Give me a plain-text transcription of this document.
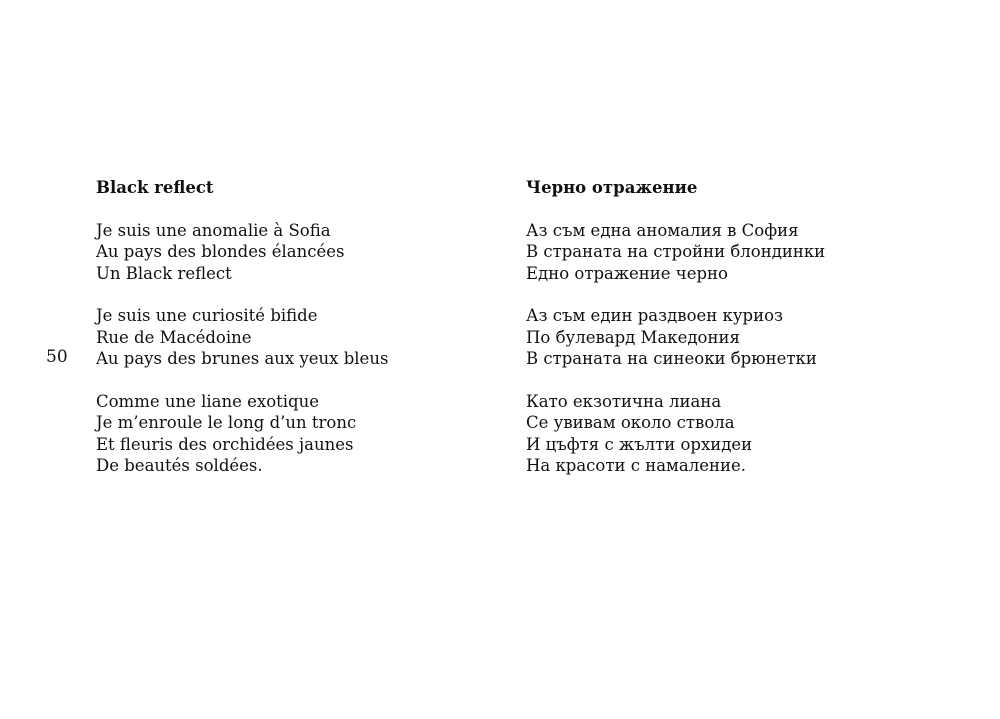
50
Black reflect
Je suis une anomalie à Sofia
Au pays des blondes élancées
Un Black reflect
Je suis une curiosité bifide
Rue de Macédoine
Au pays des brunes aux yeux bleus
Comme une liane exotique
Je m’enroule le long d’un tronc
Et fleuris des orchidées jaunes
De beautés soldées.
Черно отражение
Аз съм една аномалия в София
В страната на стройни блондинки
Едно отражение черно
Аз съм един раздвоен куриоз
По булевард Македония
В страната на синеоки брюнетки
Като екзотична лиана
Се увивам около ствола
И цъфтя с жълти орхидеи
На красоти с намаление.
